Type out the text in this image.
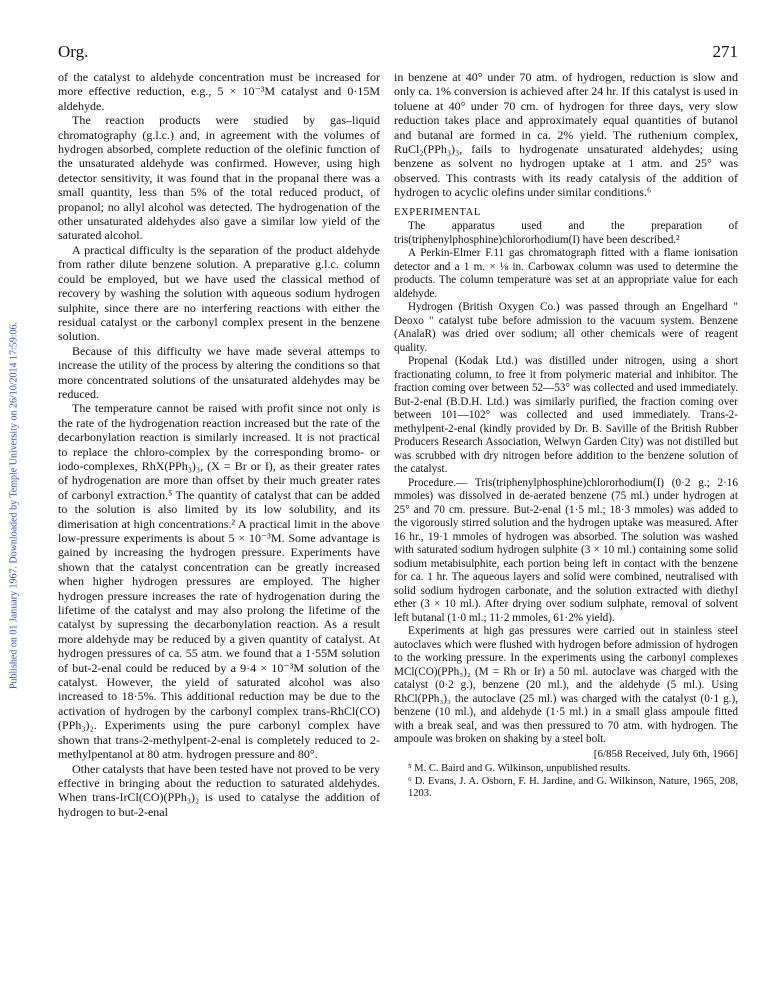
Published on 01 January 1967. Downloaded by Temple University on 26/10/2014 17:59:06.
Org.	271

of the catalyst to aldehyde concentration must be increased for more effective reduction, e.g., 5 × 10⁻³M catalyst and 0·15M aldehyde.

The reaction products were studied by gas–liquid chromatography (g.l.c.) and, in agreement with the volumes of hydrogen absorbed, complete reduction of the olefinic function of the unsaturated aldehyde was confirmed. However, using high detector sensitivity, it was found that in the propanal there was a small quantity, less than 5% of the total reduced product, of propanol; no allyl alcohol was detected. The hydrogenation of the other unsaturated aldehydes also gave a similar low yield of the saturated alcohol.

A practical difficulty is the separation of the product aldehyde from rather dilute benzene solution. A preparative g.l.c. column could be employed, but we have used the classical method of recovery by washing the solution with aqueous sodium hydrogen sulphite, since there are no interfering reactions with either the residual catalyst or the carbonyl complex present in the benzene solution.

Because of this difficulty we have made several attemps to increase the utility of the process by altering the conditions so that more concentrated solutions of the unsaturated aldehydes may be reduced.

The temperature cannot be raised with profit since not only is the rate of the hydrogenation reaction increased but the rate of the decarbonylation reaction is similarly increased. It is not practical to replace the chloro-complex by the corresponding bromo- or iodo-complexes, RhX(PPh₃)₃, (X = Br or I), as their greater rates of hydrogenation are more than offset by their much greater rates of carbonyl extraction.⁵ The quantity of catalyst that can be added to the solution is also limited by its low solubility, and its dimerisation at high concentrations.² A practical limit in the above low-pressure experiments is about 5 × 10⁻³M. Some advantage is gained by increasing the hydrogen pressure. Experiments have shown that the catalyst concentration can be greatly increased when higher hydrogen pressures are employed. The higher hydrogen pressure increases the rate of hydrogenation during the lifetime of the catalyst and may also prolong the lifetime of the catalyst by supressing the decarbonylation reaction. As a result more aldehyde may be reduced by a given quantity of catalyst. At hydrogen pressures of ca. 55 atm. we found that a 1·55M solution of but-2-enal could be reduced by a 9·4 × 10⁻³M solution of the catalyst. However, the yield of saturated alcohol was also increased to 18·5%. This additional reduction may be due to the activation of hydrogen by the carbonyl complex trans-RhCl(CO)(PPh₃)₂. Experiments using the pure carbonyl complex have shown that trans-2-methylpent-2-enal is completely reduced to 2-methylpentanol at 80 atm. hydrogen pressure and 80°.

Other catalysts that have been tested have not proved to be very effective in bringing about the reduction to saturated aldehydes. When trans-IrCl(CO)(PPh₃)₂ is used to catalyse the addition of hydrogen to but-2-enal

in benzene at 40° under 70 atm. of hydrogen, reduction is slow and only ca. 1% conversion is achieved after 24 hr. If this catalyst is used in toluene at 40° under 70 cm. of hydrogen for three days, very slow reduction takes place and approximately equal quantities of butanol and butanal are formed in ca. 2% yield. The ruthenium complex, RuCl₂(PPh₃)₃, fails to hydrogenate unsaturated aldehydes; using benzene as solvent no hydrogen uptake at 1 atm. and 25° was observed. This contrasts with its ready catalysis of the addition of hydrogen to acyclic olefins under similar conditions.⁶

EXPERIMENTAL

The apparatus used and the preparation of tris(triphenylphosphine)chlororhodium(I) have been described.²

A Perkin-Elmer F.11 gas chromatograph fitted with a flame ionisation detector and a 1 m. × ⅛ in. Carbowax column was used to determine the products. The column temperature was set at an appropriate value for each aldehyde.

Hydrogen (British Oxygen Co.) was passed through an Engelhard " Deoxo " catalyst tube before admission to the vacuum system. Benzene (AnalaR) was dried over sodium; all other chemicals were of reagent quality.

Propenal (Kodak Ltd.) was distilled under nitrogen, using a short fractionating column, to free it from polymeric material and inhibitor. The fraction coming over between 52—53° was collected and used immediately. But-2-enal (B.D.H. Ltd.) was similarly purified, the fraction coming over between 101—102° was collected and used immediately. Trans-2-methylpent-2-enal (kindly provided by Dr. B. Saville of the British Rubber Producers Research Association, Welwyn Garden City) was not distilled but was scrubbed with dry nitrogen before addition to the benzene solution of the catalyst.

Procedure.— Tris(triphenylphosphine)chlororhodium(I) (0·2 g.; 2·16 mmoles) was dissolved in de-aerated benzene (75 ml.) under hydrogen at 25° and 70 cm. pressure. But-2-enal (1·5 ml.; 18·3 mmoles) was added to the vigorously stirred solution and the hydrogen uptake was measured. After 16 hr., 19·1 mmoles of hydrogen was absorbed. The solution was washed with saturated sodium hydrogen sulphite (3 × 10 ml.) containing some solid sodium metabisulphite, each portion being left in contact with the benzene for ca. 1 hr. The aqueous layers and solid were combined, neutralised with solid sodium hydrogen carbonate, and the solution extracted with diethyl ether (3 × 10 ml.). After drying over sodium sulphate, removal of solvent left butanal (1·0 ml.; 11·2 mmoles, 61·2% yield).

Experiments at high gas pressures were carried out in stainless steel autoclaves which were flushed with hydrogen before admission of hydrogen to the working pressure. In the experiments using the carbonyl complexes MCl(CO)(PPh₃)₂ (M = Rh or Ir) a 50 ml. autoclave was charged with the catalyst (0·2 g.), benzene (20 ml.), and the aldehyde (5 ml.). Using RhCl(PPh₃)₃ the autoclave (25 ml.) was charged with the catalyst (0·1 g.), benzene (10 ml.), and aldehyde (1·5 ml.) in a small glass ampoule fitted with a break seal, and was then pressured to 70 atm. with hydrogen. The ampoule was broken on shaking by a steel bolt.

[6/858 Received, July 6th, 1966]

⁵ M. C. Baird and G. Wilkinson, unpublished results.

⁶ D. Evans, J. A. Osborn, F. H. Jardine, and G. Wilkinson, Nature, 1965, 208, 1203.
